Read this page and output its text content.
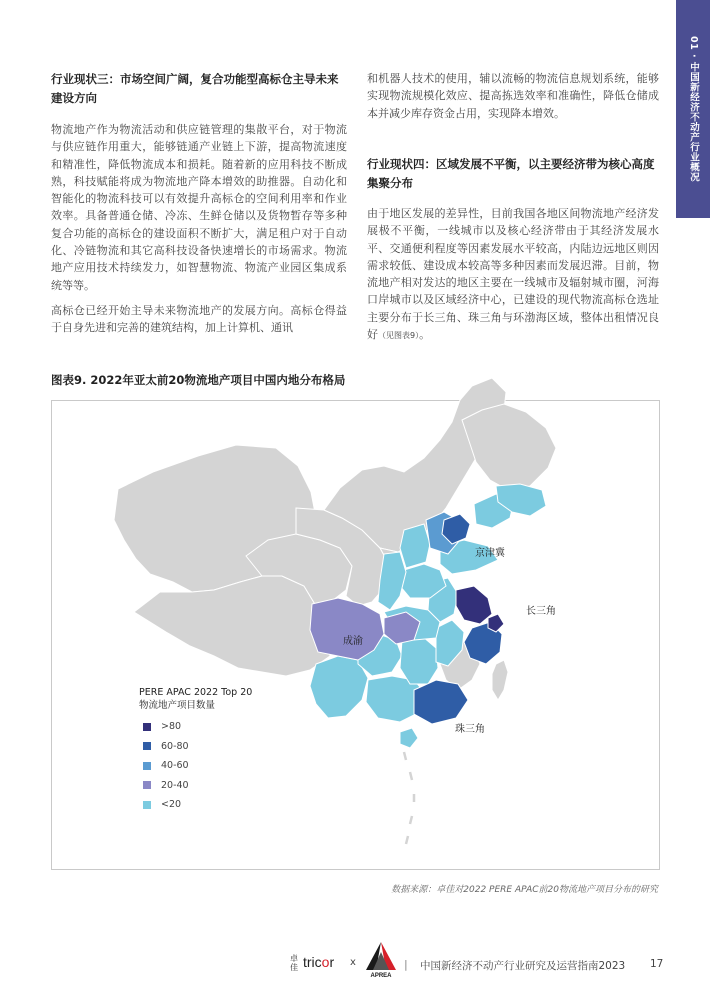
01 · 中国新经济不动产行业概况
行业现状三：市场空间广阔，复合功能型高标仓主导未来建设方向

物流地产作为物流活动和供应链管理的集散平台，对于物流与供应链作用重大，能够链通产业链上下游，提高物流速度和精准性，降低物流成本和损耗。随着新的应用科技不断成熟，科技赋能将成为物流地产降本增效的助推器。自动化和智能化的物流科技可以有效提升高标仓的空间利用率和作业效率。具备普通仓储、冷冻、生鲜仓储以及货物暂存等多种复合功能的高标仓的建设面积不断扩大，满足租户对于自动化、冷链物流和其它高科技设备快速增长的市场需求。物流地产应用技术持续发力，如智慧物流、物流产业园区集成系统等等。

高标仓已经开始主导未来物流地产的发展方向。高标仓得益于自身先进和完善的建筑结构，加上计算机、通讯

和机器人技术的使用，辅以流畅的物流信息规划系统，能够实现物流规模化效应、提高拣选效率和准确性，降低仓储成本并减少库存资金占用，实现降本增效。

行业现状四：区域发展不平衡，以主要经济带为核心高度集聚分布

由于地区发展的差异性，目前我国各地区间物流地产经济发展极不平衡，一线城市以及核心经济带由于其经济发展水平、交通便利程度等因素发展水平较高，内陆边远地区则因需求较低、建设成本较高等多种因素而发展迟滞。目前，物流地产相对发达的地区主要在一线城市及辐射城市圈，河海口岸城市以及区域经济中心，已建设的现代物流高标仓选址主要分布于长三角、珠三角与环渤海区域，整体出租情况良好（见图表9）。

图表9. 2022年亚太前20物流地产项目中国内地分布格局
京津冀
长三角
成渝
珠三角
PERE APAC 2022 Top 20
物流地产项目数量
>80
60-80
40-60
20-40
<20
数据来源：卓佳对2022 PERE APAC前20物流地产项目分布的研究
卓佳 tricor x
APREA
| 中国新经济不动产行业研究及运营指南2023 17
